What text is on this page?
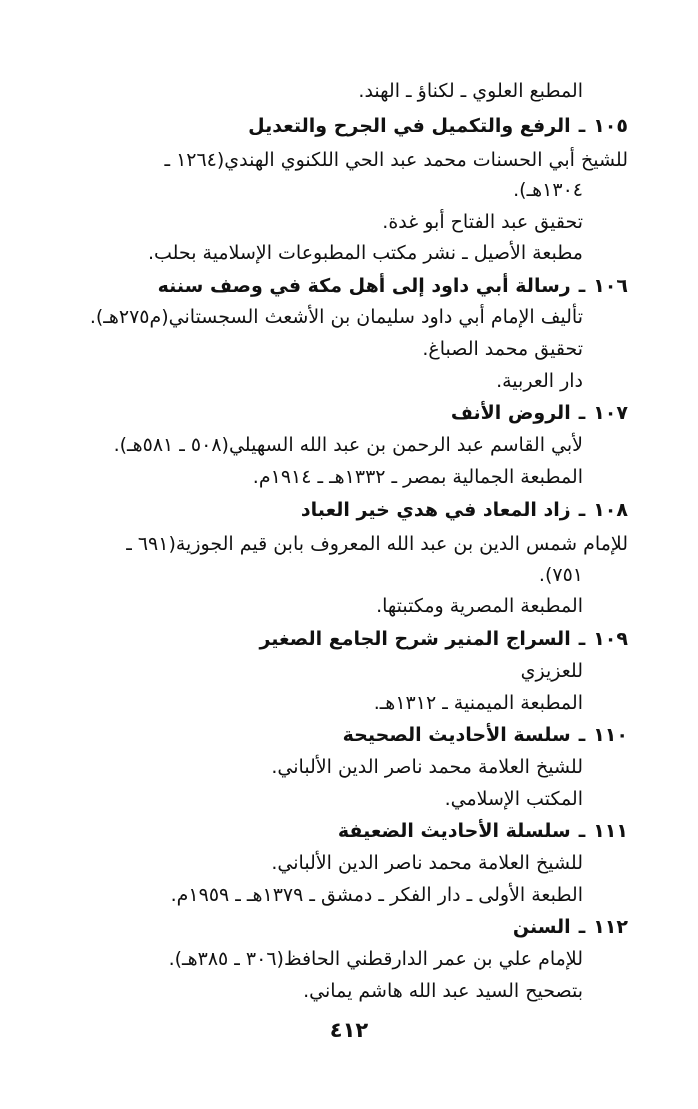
المطبع العلوي ـ لكناؤ ـ الهند.
١٠٥ـالرفع والتكميل في الجرح والتعديل
للشيخ أبي الحسنات محمد عبد الحي اللكنوي الهندي(١٢٦٤ ـ
١٣٠٤هـ).
تحقيق عبد الفتاح أبو غدة.
مطبعة الأصيل ـ نشر مكتب المطبوعات الإسلامية بحلب.
١٠٦ـرسالة أبي داود إلى أهل مكة في وصف سننه
تأليف الإمام أبي داود سليمان بن الأشعث السجستاني(م٢٧٥هـ).
تحقيق محمد الصباغ.
دار العربية.
١٠٧ـالروض الأنف
لأبي القاسم عبد الرحمن بن عبد الله السهيلي(٥٠٨ ـ ٥٨١هـ).
المطبعة الجمالية بمصر ـ ١٣٣٢هـ ـ ١٩١٤م.
١٠٨ـزاد المعاد في هدي خير العباد
للإمام شمس الدين بن عبد الله المعروف بابن قيم الجوزية(٦٩١ ـ
٧٥١).
المطبعة المصرية ومكتبتها.
١٠٩ـالسراج المنير شرح الجامع الصغير
للعزيزي
المطبعة الميمنية ـ ١٣١٢هـ.
١١٠ـسلسة الأحاديث الصحيحة
للشيخ العلامة محمد ناصر الدين الألباني.
المكتب الإسلامي.
١١١ـسلسلة الأحاديث الضعيفة
للشيخ العلامة محمد ناصر الدين الألباني.
الطبعة الأولى ـ دار الفكر ـ دمشق ـ ١٣٧٩هـ ـ ١٩٥٩م.
١١٢ـالسنن
للإمام علي بن عمر الدارقطني الحافظ(٣٠٦ ـ ٣٨٥هـ).
بتصحيح السيد عبد الله هاشم يماني.
٤١٢
